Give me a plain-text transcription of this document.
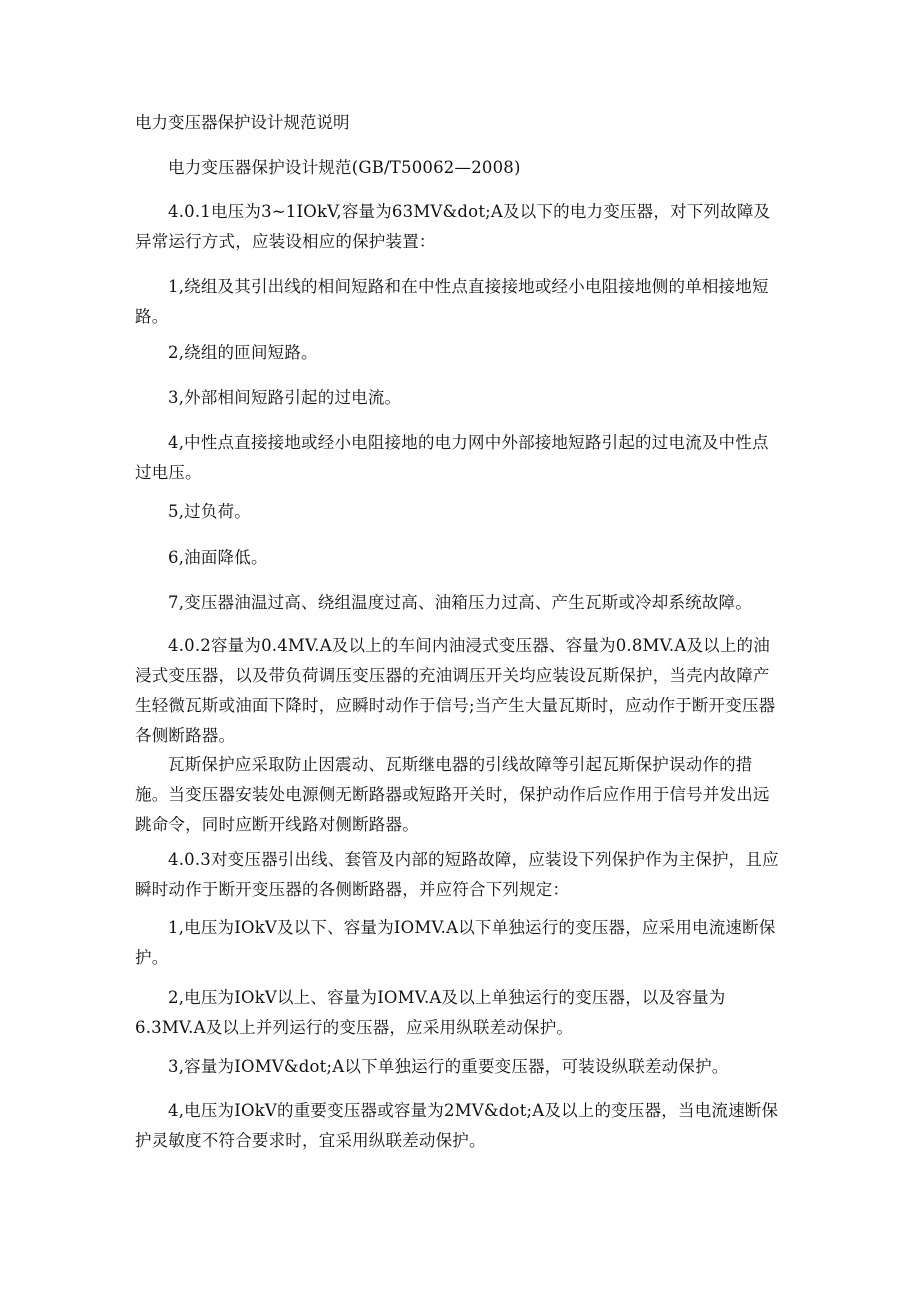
电力变压器保护设计规范说明

电力变压器保护设计规范(GB/T50062—2008)

4.0.1电压为3~1IOkV,容量为63MV&dot;A及以下的电力变压器，对下列故障及异常运行方式，应装设相应的保护装置：

1,绕组及其引出线的相间短路和在中性点直接接地或经小电阻接地侧的单相接地短路。

2,绕组的匝间短路。

3,外部相间短路引起的过电流。

4,中性点直接接地或经小电阻接地的电力网中外部接地短路引起的过电流及中性点过电压。

5,过负荷。

6,油面降低。

7,变压器油温过高、绕组温度过高、油箱压力过高、产生瓦斯或冷却系统故障。

4.0.2容量为0.4MV.A及以上的车间内油浸式变压器、容量为0.8MV.A及以上的油浸式变压器，以及带负荷调压变压器的充油调压开关均应装设瓦斯保护，当壳内故障产生轻微瓦斯或油面下降时，应瞬时动作于信号;当产生大量瓦斯时，应动作于断开变压器各侧断路器。

瓦斯保护应采取防止因震动、瓦斯继电器的引线故障等引起瓦斯保护误动作的措施。当变压器安装处电源侧无断路器或短路开关时，保护动作后应作用于信号并发出远跳命令，同时应断开线路对侧断路器。

4.0.3对变压器引出线、套管及内部的短路故障，应装设下列保护作为主保护，且应瞬时动作于断开变压器的各侧断路器，并应符合下列规定：

1,电压为IOkV及以下、容量为IOMV.A以下单独运行的变压器，应采用电流速断保护。

2,电压为IOkV以上、容量为IOMV.A及以上单独运行的变压器，以及容量为6.3MV.A及以上并列运行的变压器，应采用纵联差动保护。

3,容量为IOMV&dot;A以下单独运行的重要变压器，可装设纵联差动保护。

4,电压为IOkV的重要变压器或容量为2MV&dot;A及以上的变压器，当电流速断保护灵敏度不符合要求时，宜采用纵联差动保护。
